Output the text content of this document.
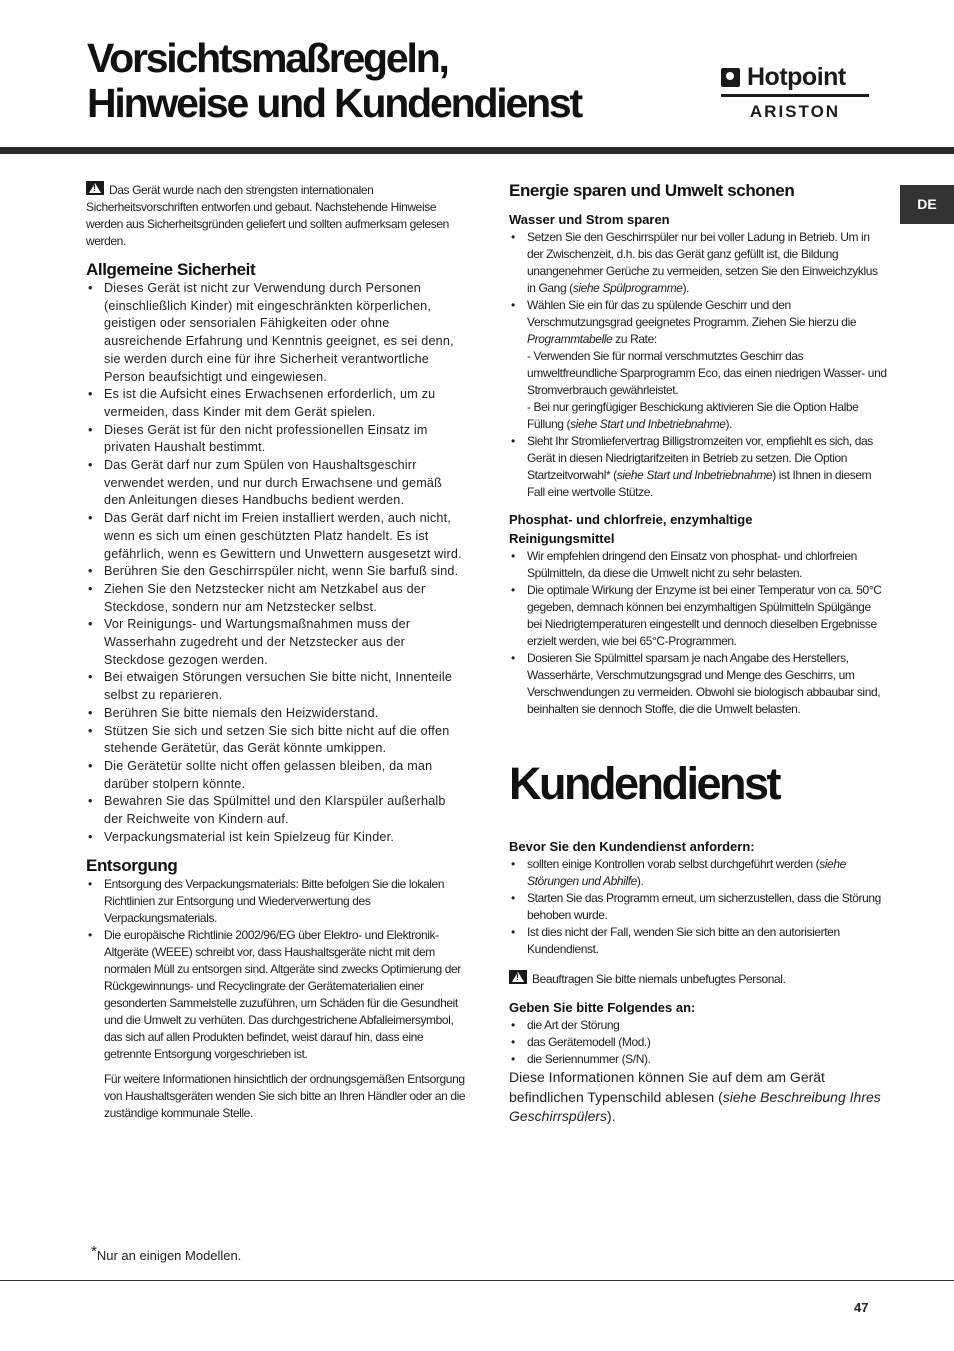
Vorsichtsmaßregeln,
Hinweise und Kundendienst
Hotpoint
ARISTON
DE

!Das Gerät wurde nach den strengsten internationalen Sicherheitsvorschriften entworfen und gebaut. Nachstehende Hinweise werden aus Sicherheitsgründen geliefert und sollten aufmerksam gelesen werden.

Allgemeine Sicherheit
• Dieses Gerät ist nicht zur Verwendung durch Personen (einschließlich Kinder) mit eingeschränkten körperlichen, geistigen oder sensorialen Fähigkeiten oder ohne ausreichende Erfahrung und Kenntnis geeignet, es sei denn, sie werden durch eine für ihre Sicherheit verantwortliche Person beaufsichtigt und eingewiesen.
• Es ist die Aufsicht eines Erwachsenen erforderlich, um zu vermeiden, dass Kinder mit dem Gerät spielen.
• Dieses Gerät ist für den nicht professionellen Einsatz im privaten Haushalt bestimmt.
• Das Gerät darf nur zum Spülen von Haushaltsgeschirr verwendet werden, und nur durch Erwachsene und gemäß den Anleitungen dieses Handbuchs bedient werden.
• Das Gerät darf nicht im Freien installiert werden, auch nicht, wenn es sich um einen geschützten Platz handelt. Es ist gefährlich, wenn es Gewittern und Unwettern ausgesetzt wird.
• Berühren Sie den Geschirrspüler nicht, wenn Sie barfuß sind.
• Ziehen Sie den Netzstecker nicht am Netzkabel aus der Steckdose, sondern nur am Netzstecker selbst.
• Vor Reinigungs- und Wartungsmaßnahmen muss der Wasserhahn zugedreht und der Netzstecker aus der Steckdose gezogen werden.
• Bei etwaigen Störungen versuchen Sie bitte nicht, Innenteile selbst zu reparieren.
• Berühren Sie bitte niemals den Heizwiderstand.
• Stützen Sie sich und setzen Sie sich bitte nicht auf die offen stehende Gerätetür, das Gerät könnte umkippen.
• Die Gerätetür sollte nicht offen gelassen bleiben, da man darüber stolpern könnte.
• Bewahren Sie das Spülmittel und den Klarspüler außerhalb der Reichweite von Kindern auf.
• Verpackungsmaterial ist kein Spielzeug für Kinder.
Entsorgung
• Entsorgung des Verpackungsmaterials: Bitte befolgen Sie die lokalen Richtlinien zur Entsorgung und Wiederverwertung des Verpackungsmaterials.
• Die europäische Richtlinie 2002/96/EG über Elektro- und Elektronik-Altgeräte (WEEE) schreibt vor, dass Haushaltsgeräte nicht mit dem normalen Müll zu entsorgen sind. Altgeräte sind zwecks Optimierung der Rückgewinnungs- und Recyclingrate der Gerätematerialien einer gesonderten Sammelstelle zuzuführen, um Schäden für die Gesundheit und die Umwelt zu verhüten. Das durchgestrichene Abfalleimersymbol, das sich auf allen Produkten befindet, weist darauf hin, dass eine getrennte Entsorgung vorgeschrieben ist.
Für weitere Informationen hinsichtlich der ordnungsgemäßen Entsorgung von Haushaltsgeräten wenden Sie sich bitte an Ihren Händler oder an die zuständige kommunale Stelle.
Energie sparen und Umwelt schonen
Wasser und Strom sparen
• Setzen Sie den Geschirrspüler nur bei voller Ladung in Betrieb. Um in der Zwischenzeit, d.h. bis das Gerät ganz gefüllt ist, die Bildung unangenehmer Gerüche zu vermeiden, setzen Sie den Einweichzyklus in Gang (siehe Spülprogramme).
• Wählen Sie ein für das zu spülende Geschirr und den Verschmutzungsgrad geeignetes Programm. Ziehen Sie hierzu die Programmtabelle zu Rate:
- Verwenden Sie für normal verschmutztes Geschirr das umweltfreundliche Sparprogramm Eco, das einen niedrigen Wasser- und Stromverbrauch gewährleistet.
- Bei nur geringfügiger Beschickung aktivieren Sie die Option Halbe Füllung (siehe Start und Inbetriebnahme).
• Sieht Ihr Stromliefervertrag Billigstromzeiten vor, empfiehlt es sich, das Gerät in diesen Niedrigtarifzeiten in Betrieb zu setzen. Die Option Startzeitvorwahl* (siehe Start und Inbetriebnahme) ist Ihnen in diesem Fall eine wertvolle Stütze.
Phosphat- und chlorfreie, enzymhaltige
Reinigungsmittel
• Wir empfehlen dringend den Einsatz von phosphat- und chlorfreien Spülmitteln, da diese die Umwelt nicht zu sehr belasten.
• Die optimale Wirkung der Enzyme ist bei einer Temperatur von ca. 50°C gegeben, demnach können bei enzymhaltigen Spülmitteln Spülgänge bei Niedrigtemperaturen eingestellt und dennoch dieselben Ergebnisse erzielt werden, wie bei 65°C-Programmen.
• Dosieren Sie Spülmittel sparsam je nach Angabe des Herstellers, Wasserhärte, Verschmutzungsgrad und Menge des Geschirrs, um Verschwendungen zu vermeiden. Obwohl sie biologisch abbaubar sind, beinhalten sie dennoch Stoffe, die die Umwelt belasten.
Kundendienst
Bevor Sie den Kundendienst anfordern:
• sollten einige Kontrollen vorab selbst durchgeführt werden (siehe Störungen und Abhilfe).
• Starten Sie das Programm erneut, um sicherzustellen, dass die Störung behoben wurde.
• Ist dies nicht der Fall, wenden Sie sich bitte an den autorisierten Kundendienst.

!Beauftragen Sie bitte niemals unbefugtes Personal.

Geben Sie bitte Folgendes an:
• die Art der Störung
• das Gerätemodell (Mod.)
• die Seriennummer (S/N).

Diese Informationen können Sie auf dem am Gerät befindlichen Typenschild ablesen (siehe Beschreibung Ihres Geschirrspülers).

*Nur an einigen Modellen.
47
